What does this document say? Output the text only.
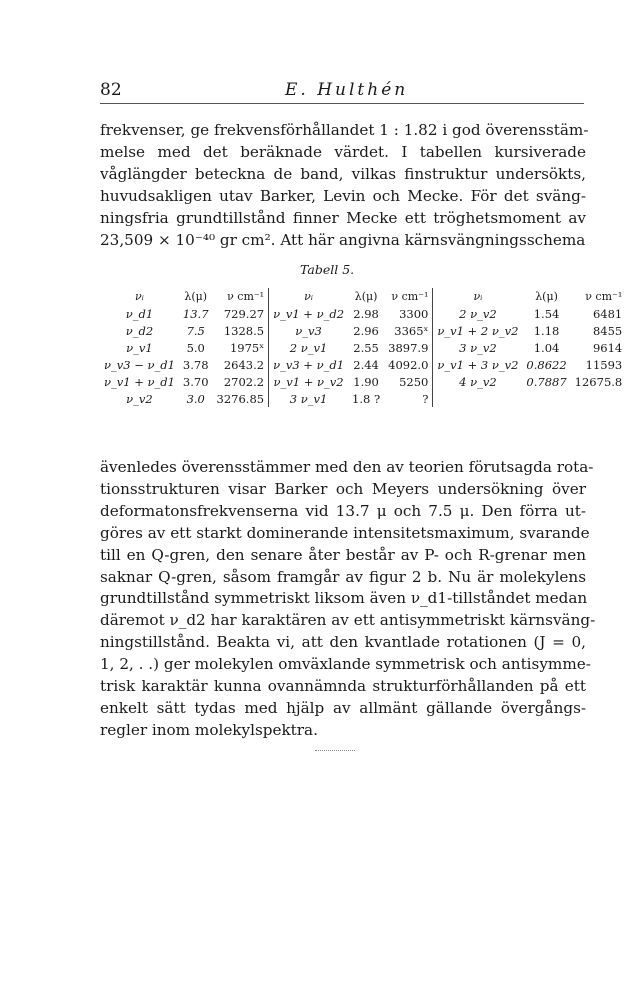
82	E. Hulthén
frekvenser, ge frekvensförhållandet 1 : 1.82 i god överensstäm-
melse med det beräknade värdet. I tabellen kursiverade
våglängder beteckna de band, vilkas finstruktur undersökts,
huvudsakligen utav Barker, Levin och Mecke. För det sväng-
ningsfria grundtillstånd finner Mecke ett tröghetsmoment av
23,509 × 10⁻⁴⁰ gr cm². Att här angivna kärnsvängningsschema
Tabell 5.
νᵢ	λ(μ)	ν cm⁻¹	νᵢ	λ(μ)	ν cm⁻¹	νᵢ	λ(μ)	ν cm⁻¹
ν_d1	13.7	729.27	ν_v1 + ν_d2	2.98	3300	2 ν_v2	1.54	6481
ν_d2	7.5	1328.5	ν_v3	2.96	3365ˣ	ν_v1 + 2 ν_v2	1.18	8455
ν_v1	5.0	1975ˣ	2 ν_v1	2.55	3897.9	3 ν_v2	1.04	9614
ν_v3 − ν_d1	3.78	2643.2	ν_v3 + ν_d1	2.44	4092.0	ν_v1 + 3 ν_v2	0.8622	11593
ν_v1 + ν_d1	3.70	2702.2	ν_v1 + ν_v2	1.90	5250	4 ν_v2	0.7887	12675.8
ν_v2	3.0	3276.85	3 ν_v1	1.8 ?	?			
ävenledes överensstämmer med den av teorien förutsagda rota-
tionsstrukturen visar Barker och Meyers undersökning över
deformatonsfrekvenserna vid 13.7 μ och 7.5 μ. Den förra ut-
göres av ett starkt dominerande intensitetsmaximum, svarande
till en Q-gren, den senare åter består av P- och R-grenar men
saknar Q-gren, såsom framgår av figur 2 b. Nu är molekylens
grundtillstånd symmetriskt liksom även ν_d1-tillståndet medan
däremot ν_d2 har karaktären av ett antisymmetriskt kärnsväng-
ningstillstånd. Beakta vi, att den kvantlade rotationen (J = 0,
1, 2, . .) ger molekylen omväxlande symmetrisk och antisymme-
trisk karaktär kunna ovannämnda strukturförhållanden på ett
enkelt sätt tydas med hjälp av allmänt gällande övergångs-
regler inom molekylspektra.
